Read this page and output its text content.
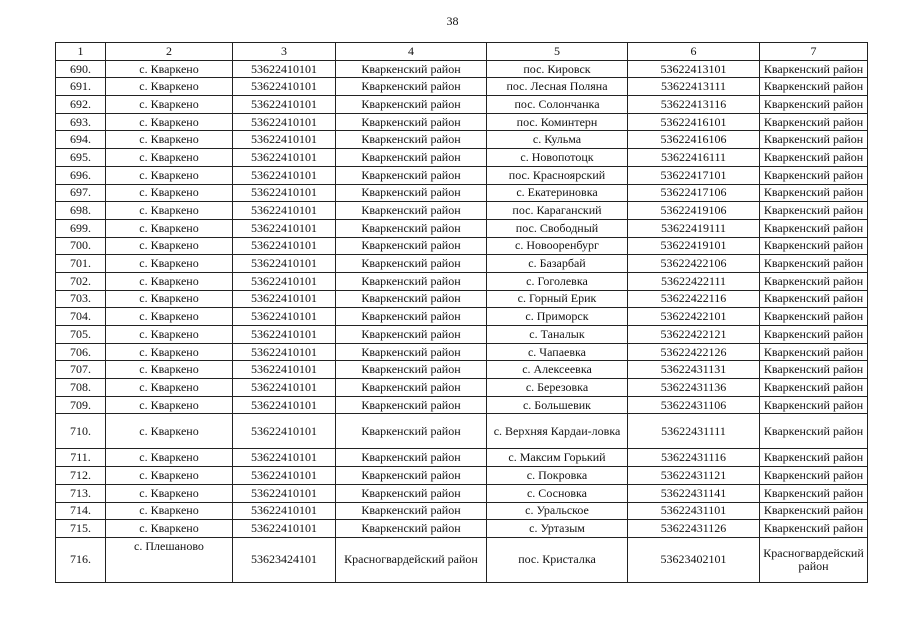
38
1	2	3	4	5	6	7
690.	с. Кваркено	53622410101	Кваркенский район	пос. Кировск	53622413101	Кваркенский район
691.	с. Кваркено	53622410101	Кваркенский район	пос. Лесная Поляна	53622413111	Кваркенский район
692.	с. Кваркено	53622410101	Кваркенский район	пос. Солончанка	53622413116	Кваркенский район
693.	с. Кваркено	53622410101	Кваркенский район	пос. Коминтерн	53622416101	Кваркенский район
694.	с. Кваркено	53622410101	Кваркенский район	с. Кульма	53622416106	Кваркенский район
695.	с. Кваркено	53622410101	Кваркенский район	с. Новопотоцк	53622416111	Кваркенский район
696.	с. Кваркено	53622410101	Кваркенский район	пос. Красноярский	53622417101	Кваркенский район
697.	с. Кваркено	53622410101	Кваркенский район	с. Екатериновка	53622417106	Кваркенский район
698.	с. Кваркено	53622410101	Кваркенский район	пос. Караганский	53622419106	Кваркенский район
699.	с. Кваркено	53622410101	Кваркенский район	пос. Свободный	53622419111	Кваркенский район
700.	с. Кваркено	53622410101	Кваркенский район	с. Новооренбург	53622419101	Кваркенский район
701.	с. Кваркено	53622410101	Кваркенский район	с. Базарбай	53622422106	Кваркенский район
702.	с. Кваркено	53622410101	Кваркенский район	с. Гоголевка	53622422111	Кваркенский район
703.	с. Кваркено	53622410101	Кваркенский район	с. Горный Ерик	53622422116	Кваркенский район
704.	с. Кваркено	53622410101	Кваркенский район	с. Приморск	53622422101	Кваркенский район
705.	с. Кваркено	53622410101	Кваркенский район	с. Таналык	53622422121	Кваркенский район
706.	с. Кваркено	53622410101	Кваркенский район	с. Чапаевка	53622422126	Кваркенский район
707.	с. Кваркено	53622410101	Кваркенский район	с. Алексеевка	53622431131	Кваркенский район
708.	с. Кваркено	53622410101	Кваркенский район	с. Березовка	53622431136	Кваркенский район
709.	с. Кваркено	53622410101	Кваркенский район	с. Большевик	53622431106	Кваркенский район
710.	с. Кваркено	53622410101	Кваркенский район	с. Верхняя Кардаи-ловка	53622431111	Кваркенский район
711.	с. Кваркено	53622410101	Кваркенский район	с. Максим Горький	53622431116	Кваркенский район
712.	с. Кваркено	53622410101	Кваркенский район	с. Покровка	53622431121	Кваркенский район
713.	с. Кваркено	53622410101	Кваркенский район	с. Сосновка	53622431141	Кваркенский район
714.	с. Кваркено	53622410101	Кваркенский район	с. Уральское	53622431101	Кваркенский район
715.	с. Кваркено	53622410101	Кваркенский район	с. Уртазым	53622431126	Кваркенский район
716.	с. Плешаново	53623424101	Красногвардейский район	пос. Кристалка	53623402101	Красногвардейский район
